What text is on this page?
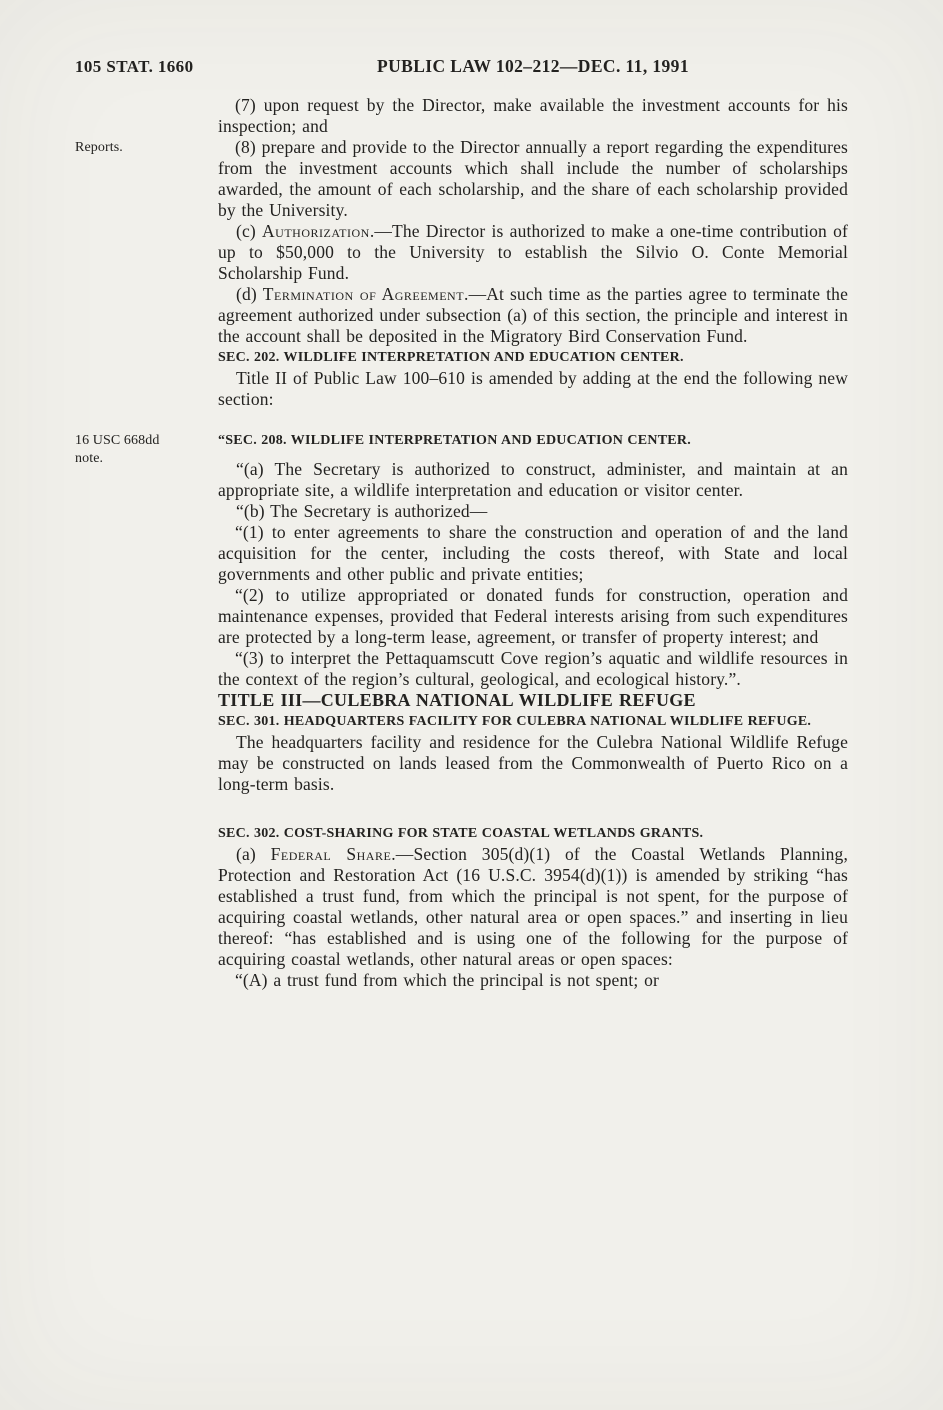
105 STAT. 1660	PUBLIC LAW 102–212—DEC. 11, 1991

(7) upon request by the Director, make available the investment accounts for his inspection; and

Reports.	(8) prepare and provide to the Director annually a report regarding the expenditures from the investment accounts which shall include the number of scholarships awarded, the amount of each scholarship, and the share of each scholarship provided by the University.

(c) Authorization.—The Director is authorized to make a one-time contribution of up to $50,000 to the University to establish the Silvio O. Conte Memorial Scholarship Fund.

(d) Termination of Agreement.—At such time as the parties agree to terminate the agreement authorized under subsection (a) of this section, the principle and interest in the account shall be deposited in the Migratory Bird Conservation Fund.

SEC. 202. WILDLIFE INTERPRETATION AND EDUCATION CENTER.

Title II of Public Law 100–610 is amended by adding at the end the following new section:

16 USC 668dd note.
“SEC. 208. WILDLIFE INTERPRETATION AND EDUCATION CENTER.

“(a) The Secretary is authorized to construct, administer, and maintain at an appropriate site, a wildlife interpretation and education or visitor center.

“(b) The Secretary is authorized—

“(1) to enter agreements to share the construction and operation of and the land acquisition for the center, including the costs thereof, with State and local governments and other public and private entities;

“(2) to utilize appropriated or donated funds for construction, operation and maintenance expenses, provided that Federal interests arising from such expenditures are protected by a long-term lease, agreement, or transfer of property interest; and

“(3) to interpret the Pettaquamscutt Cove region’s aquatic and wildlife resources in the context of the region’s cultural, geological, and ecological history.”.

TITLE III—CULEBRA NATIONAL WILDLIFE REFUGE

SEC. 301. HEADQUARTERS FACILITY FOR CULEBRA NATIONAL WILDLIFE REFUGE.

The headquarters facility and residence for the Culebra National Wildlife Refuge may be constructed on lands leased from the Commonwealth of Puerto Rico on a long-term basis.

SEC. 302. COST-SHARING FOR STATE COASTAL WETLANDS GRANTS.

(a) Federal Share.—Section 305(d)(1) of the Coastal Wetlands Planning, Protection and Restoration Act (16 U.S.C. 3954(d)(1)) is amended by striking “has established a trust fund, from which the principal is not spent, for the purpose of acquiring coastal wetlands, other natural area or open spaces.” and inserting in lieu thereof: “has established and is using one of the following for the purpose of acquiring coastal wetlands, other natural areas or open spaces:

“(A) a trust fund from which the principal is not spent; or
